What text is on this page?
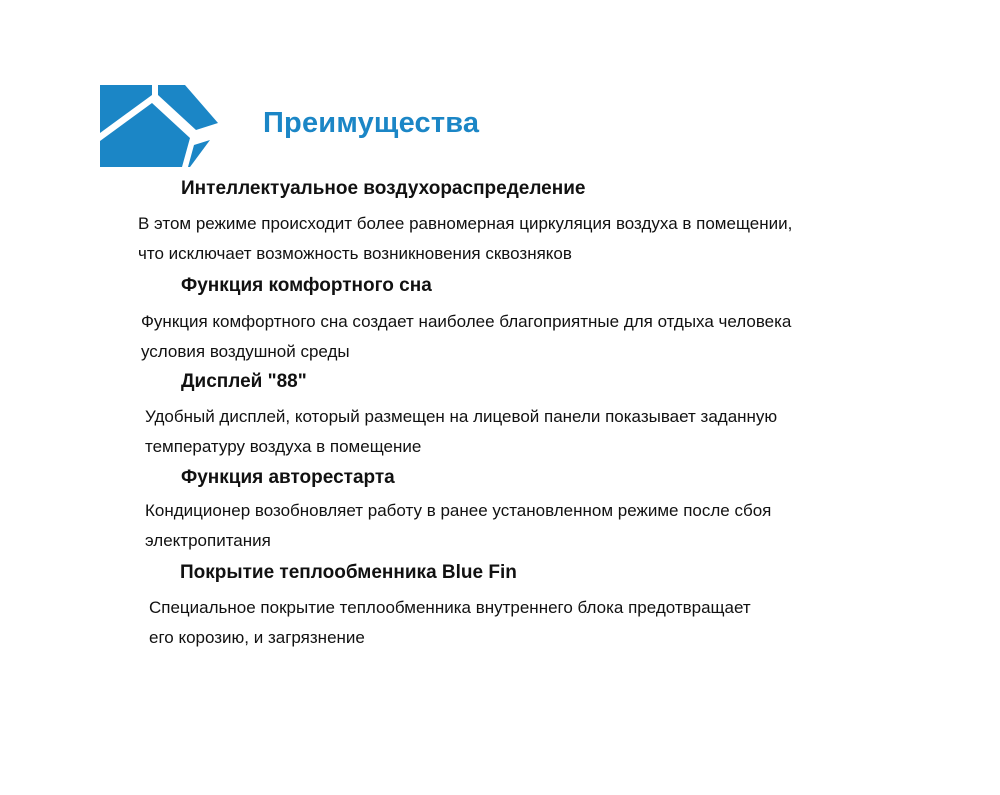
Преимущества
Интеллектуальное воздухораспределение
В этом режиме происходит более равномерная циркуляция воздуха в помещении,
что исключает возможность возникновения сквозняков
Функция комфортного сна
Функция комфортного сна создает наиболее благоприятные для отдыха человека
условия воздушной среды
Дисплей "88"
Удобный дисплей, который размещен на лицевой панели показывает заданную
температуру воздуха в помещение
Функция авторестарта
Кондиционер возобновляет работу в ранее установленном режиме после сбоя
электропитания
Покрытие теплообменника Blue Fin
Специальное покрытие теплообменника внутреннего блока предотвращает
его корозию, и загрязнение
